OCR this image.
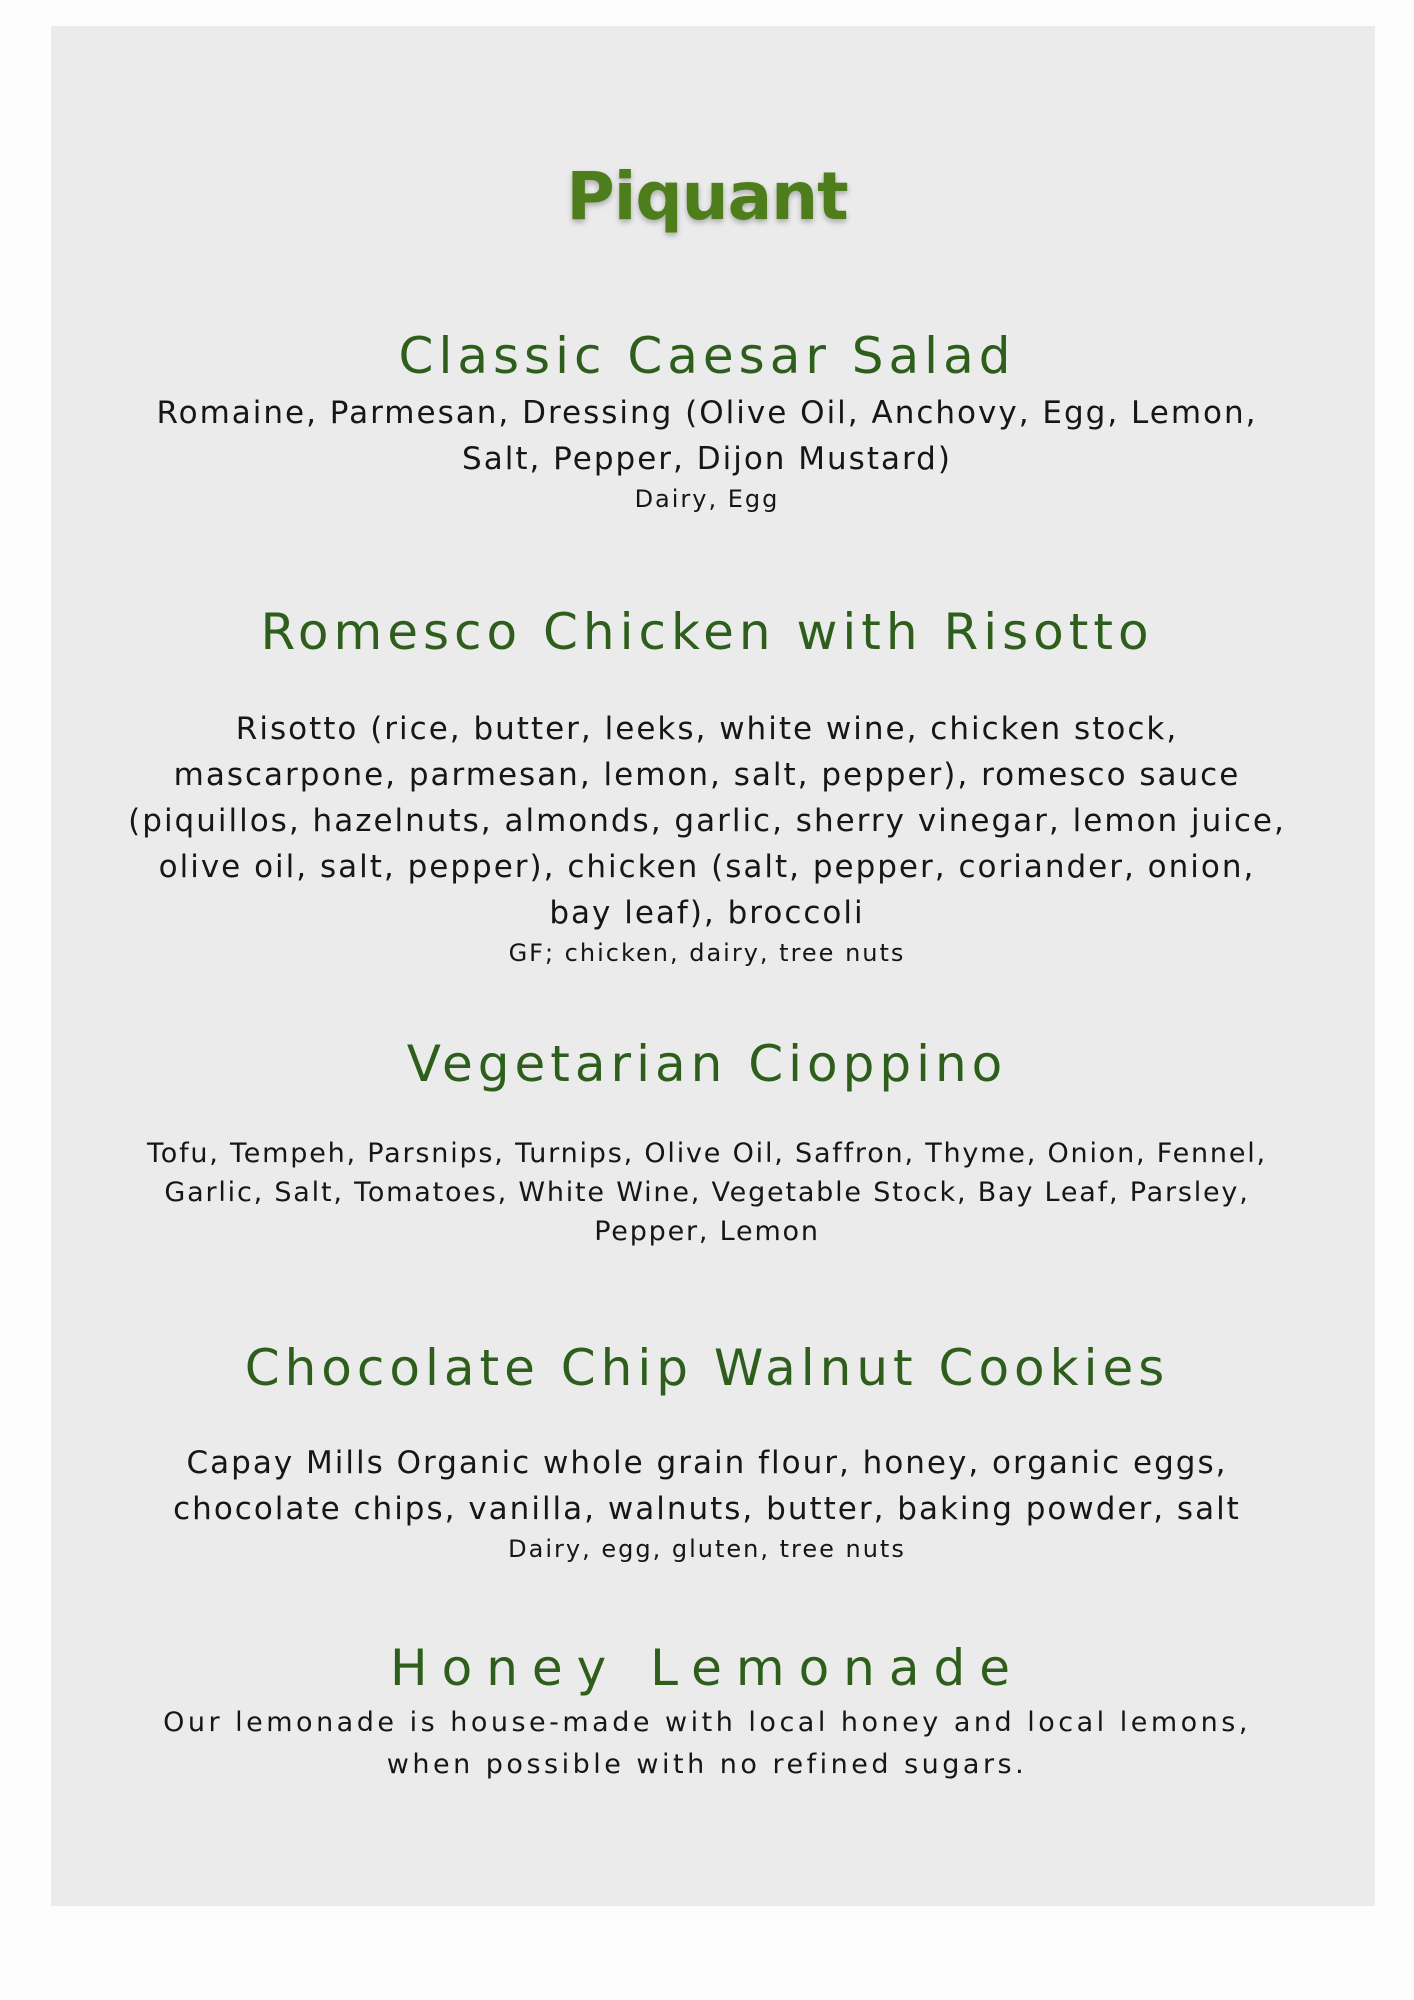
Piquant
Classic Caesar Salad
Romaine, Parmesan, Dressing (Olive Oil, Anchovy, Egg, Lemon,
Salt, Pepper, Dijon Mustard)
Dairy, Egg
Romesco Chicken with Risotto
Risotto (rice, butter, leeks, white wine, chicken stock,
mascarpone, parmesan, lemon, salt, pepper), romesco sauce
(piquillos, hazelnuts, almonds, garlic, sherry vinegar, lemon juice,
olive oil, salt, pepper), chicken (salt, pepper, coriander, onion,
bay leaf), broccoli
GF; chicken, dairy, tree nuts
Vegetarian Cioppino
Tofu, Tempeh, Parsnips, Turnips, Olive Oil, Saffron, Thyme, Onion, Fennel,
Garlic, Salt, Tomatoes, White Wine, Vegetable Stock, Bay Leaf, Parsley,
Pepper, Lemon
Chocolate Chip Walnut Cookies
Capay Mills Organic whole grain flour, honey, organic eggs,
chocolate chips, vanilla, walnuts, butter, baking powder, salt
Dairy, egg, gluten, tree nuts
Honey Lemonade
Our lemonade is house-made with local honey and local lemons,
when possible with no refined sugars.
